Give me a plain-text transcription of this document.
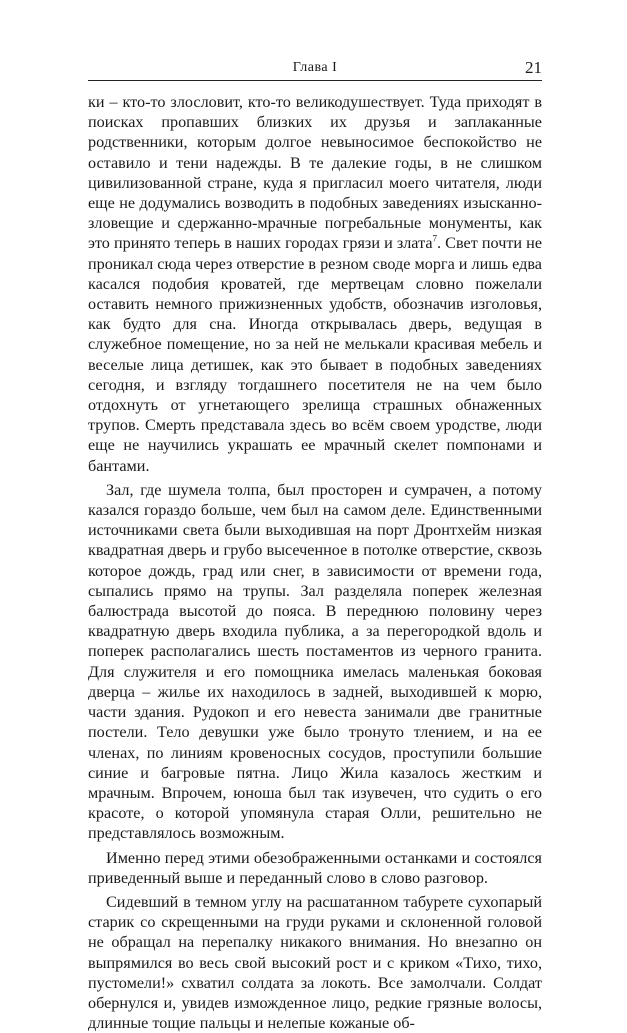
Глава I	21

ки – кто-то злословит, кто-то великодушествует. Туда приходят в поисках пропавших близких их друзья и заплаканные родственники, которым долгое невыносимое беспокойство не оставило и тени надежды. В те далекие годы, в не слишком цивилизованной стране, куда я пригласил моего читателя, люди еще не додумались возводить в подобных заведениях изысканно-зловещие и сдержанно-мрачные погребальные монументы, как это принято теперь в наших городах грязи и злата$^7$. Свет почти не проникал сюда через отверстие в резном своде морга и лишь едва касался подобия кроватей, где мертвецам словно пожелали оставить немного прижизненных удобств, обозначив изголовья, как будто для сна. Иногда открывалась дверь, ведущая в служебное помещение, но за ней не мелькали красивая мебель и веселые лица детишек, как это бывает в подобных заведениях сегодня, и взгляду тогдашнего посетителя не на чем было отдохнуть от угнетающего зрелища страшных обнаженных трупов. Смерть представала здесь во всём своем уродстве, люди еще не научились украшать ее мрачный скелет помпонами и бантами.

Зал, где шумела толпа, был просторен и сумрачен, а потому казался гораздо больше, чем был на самом деле. Единственными источниками света были выходившая на порт Дронтхейм низкая квадратная дверь и грубо высеченное в потолке отверстие, сквозь которое дождь, град или снег, в зависимости от времени года, сыпались прямо на трупы. Зал разделяла поперек железная балюстрада высотой до пояса. В переднюю половину через квадратную дверь входила публика, а за перегородкой вдоль и поперек располагались шесть постаментов из черного гранита. Для служителя и его помощника имелась маленькая боковая дверца – жилье их находилось в задней, выходившей к морю, части здания. Рудокоп и его невеста занимали две гранитные постели. Тело девушки уже было тронуто тлением, и на ее членах, по линиям кровеносных сосудов, проступили большие синие и багровые пятна. Лицо Жила казалось жестким и мрачным. Впрочем, юноша был так изувечен, что судить о его красоте, о которой упомянула старая Олли, решительно не представлялось возможным.

Именно перед этими обезображенными останками и состоялся приведенный выше и переданный слово в слово разговор.

Сидевший в темном углу на расшатанном табурете сухопарый старик со скрещенными на груди руками и склоненной головой не обращал на перепалку никакого внимания. Но внезапно он выпрямился во весь свой высокий рост и с криком «Тихо, тихо, пустомели!» схватил солдата за локоть. Все замолчали. Солдат обернулся и, увидев изможденное лицо, редкие грязные волосы, длинные тощие пальцы и нелепые кожаные об-
